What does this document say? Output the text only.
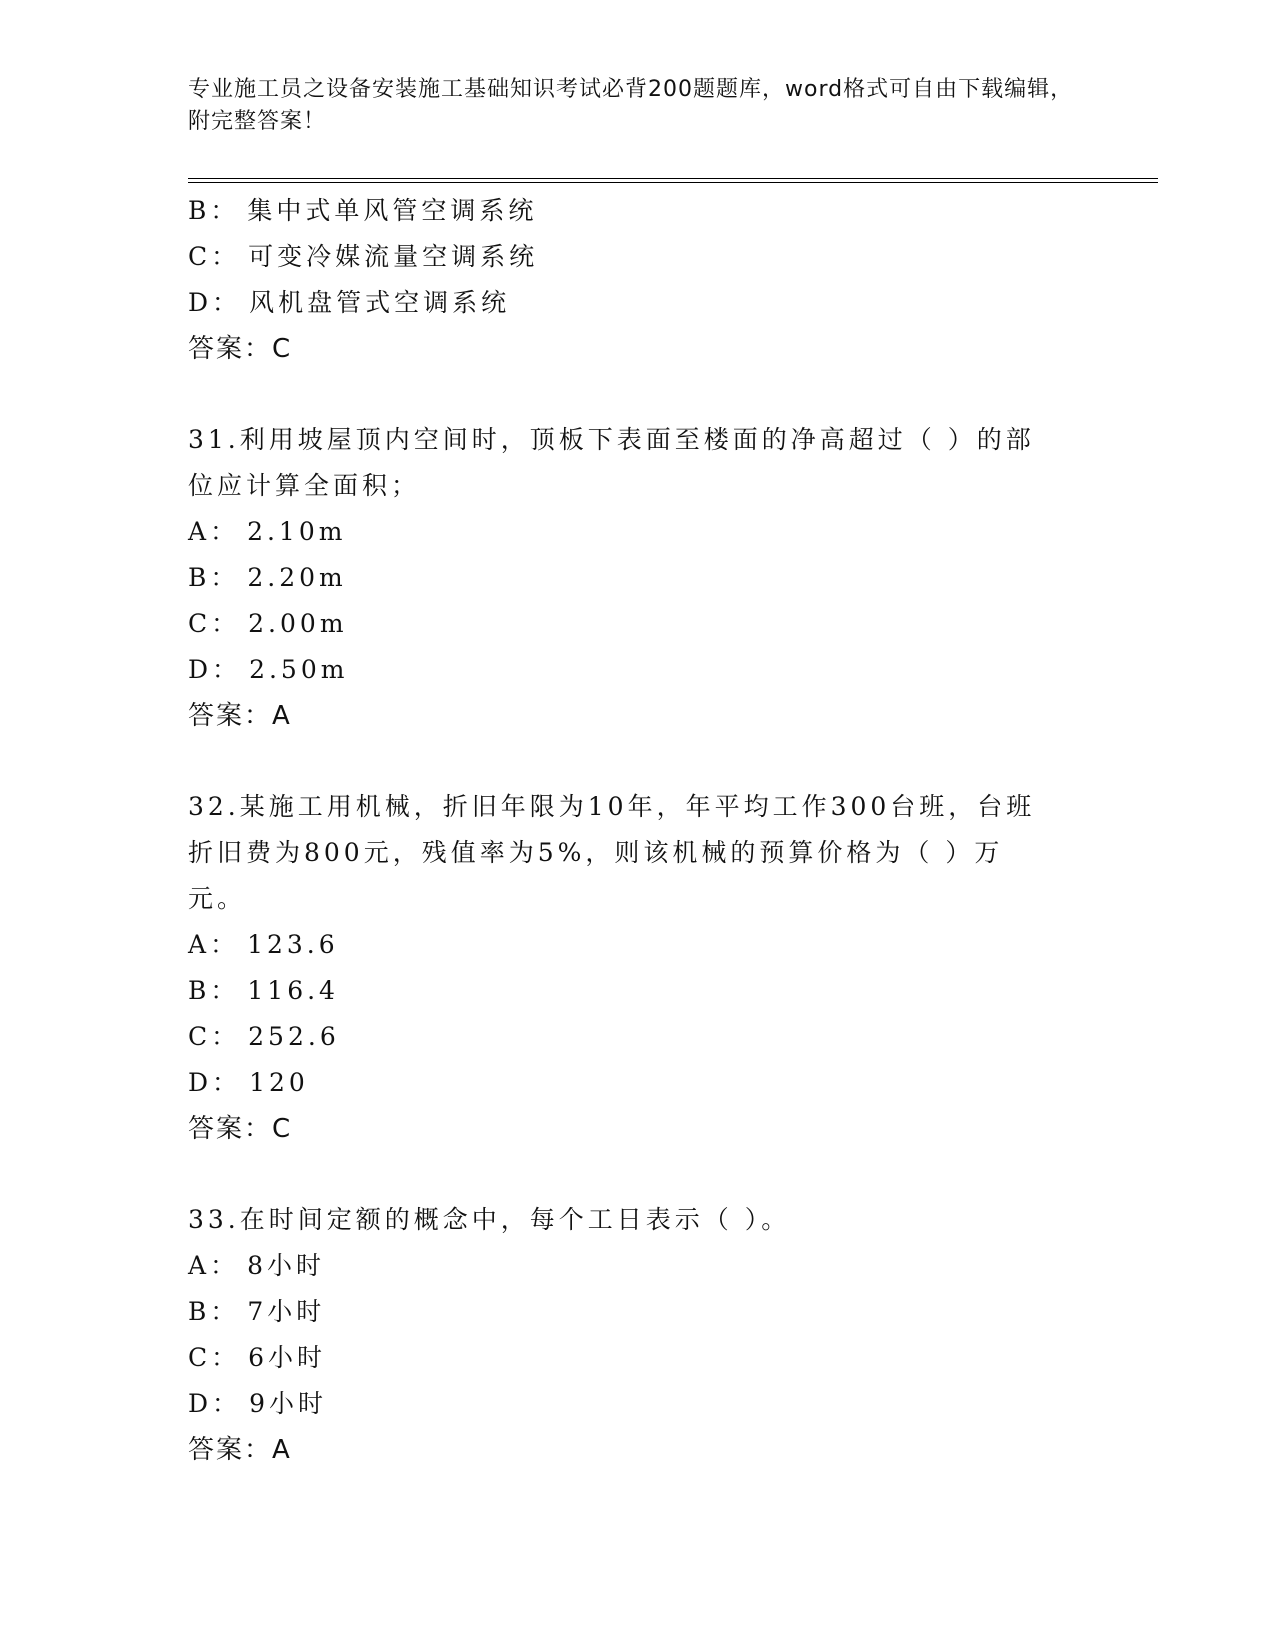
专业施工员之设备安装施工基础知识考试必背200题题库，word格式可自由下载编辑，附完整答案！
B： 集中式单风管空调系统
C： 可变冷媒流量空调系统
D： 风机盘管式空调系统
答案：C
31.利用坡屋顶内空间时，顶板下表面至楼面的净高超过（ ）的部位应计算全面积；
A： 2.10m
B： 2.20m
C： 2.00m
D： 2.50m
答案：A
32.某施工用机械，折旧年限为10年，年平均工作300台班，台班折旧费为800元，残值率为5%，则该机械的预算价格为（ ）万元。
A： 123.6
B： 116.4
C： 252.6
D： 120
答案：C
33.在时间定额的概念中，每个工日表示（ ）。
A： 8小时
B： 7小时
C： 6小时
D： 9小时
答案：A
